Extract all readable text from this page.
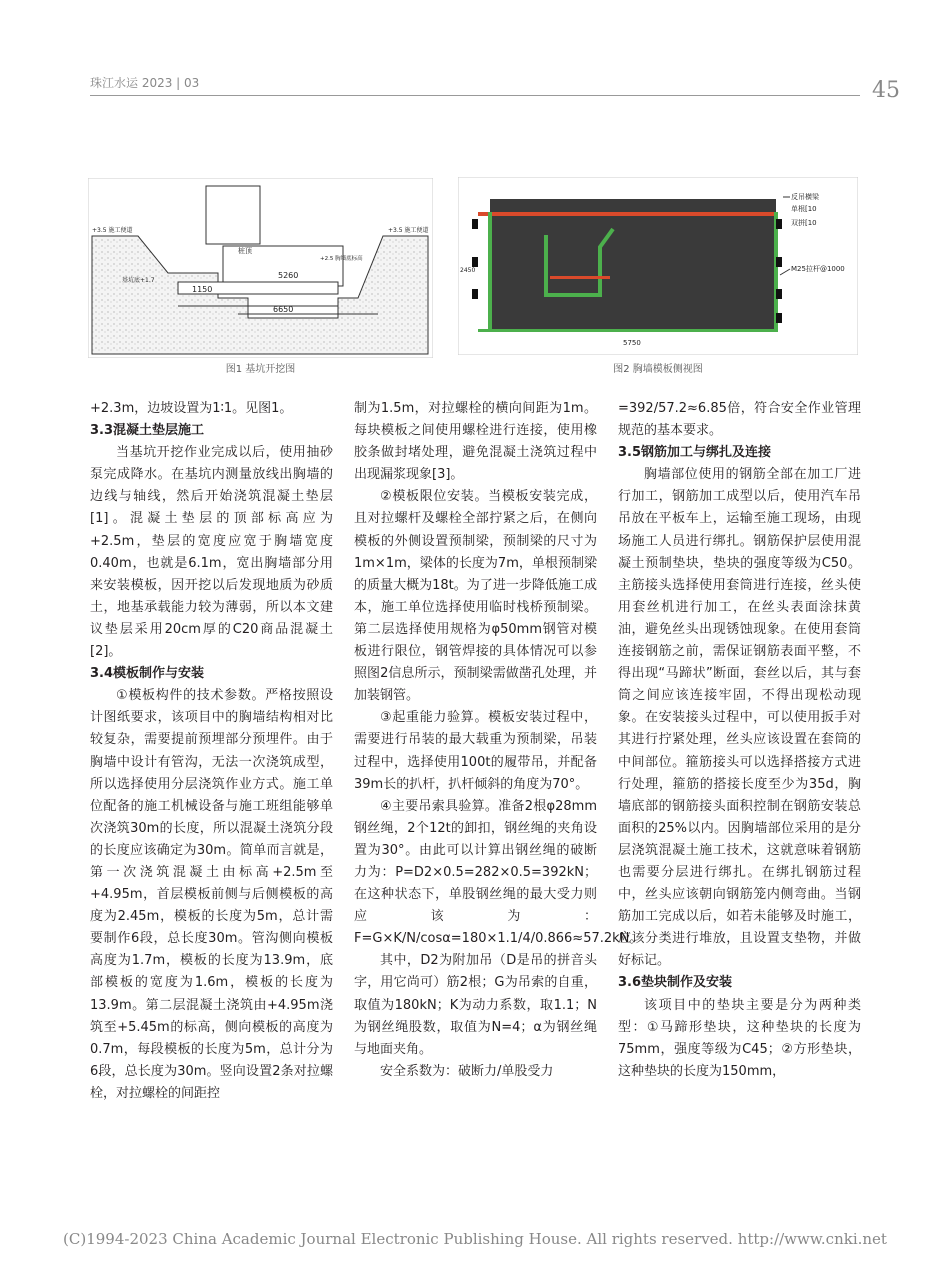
珠江水运 2023 | 03	45
+3.5 施工便道	+3.5 施工便道
桩顶
基坑底+1.7
+2.5 胸墙底标高
5260
1150
6650
图1 基坑开挖图
反吊横梁
单根[10
双拼[10
M25拉杆@1000
5750
2450
图2 胸墙模板侧视图

+2.3m，边坡设置为1∶1。见图1。

3.3混凝土垫层施工

当基坑开挖作业完成以后，使用抽砂泵完成降水。在基坑内测量放线出胸墙的边线与轴线，然后开始浇筑混凝土垫层[1]。混凝土垫层的顶部标高应为+2.5m，垫层的宽度应宽于胸墙宽度0.40m，也就是6.1m，宽出胸墙部分用来安装模板，因开挖以后发现地质为砂质土，地基承载能力较为薄弱，所以本文建议垫层采用20cm厚的C20商品混凝土[2]。

3.4模板制作与安装

①模板构件的技术参数。严格按照设计图纸要求，该项目中的胸墙结构相对比较复杂，需要提前预埋部分预埋件。由于胸墙中设计有管沟，无法一次浇筑成型，所以选择使用分层浇筑作业方式。施工单位配备的施工机械设备与施工班组能够单次浇筑30m的长度，所以混凝土浇筑分段的长度应该确定为30m。简单而言就是，第一次浇筑混凝土由标高+2.5m至+4.95m，首层模板前侧与后侧模板的高度为2.45m，模板的长度为5m，总计需要制作6段，总长度30m。管沟侧向模板高度为1.7m，模板的长度为13.9m，底部模板的宽度为1.6m，模板的长度为13.9m。第二层混凝土浇筑由+4.95m浇筑至+5.45m的标高，侧向模板的高度为0.7m，每段模板的长度为5m，总计分为6段，总长度为30m。竖向设置2条对拉螺栓，对拉螺栓的间距控

制为1.5m，对拉螺栓的横向间距为1m。每块模板之间使用螺栓进行连接，使用橡胶条做封堵处理，避免混凝土浇筑过程中出现漏浆现象[3]。

②模板限位安装。当模板安装完成，且对拉螺杆及螺栓全部拧紧之后，在侧向模板的外侧设置预制梁，预制梁的尺寸为1m×1m，梁体的长度为7m，单根预制梁的质量大概为18t。为了进一步降低施工成本，施工单位选择使用临时栈桥预制梁。第二层选择使用规格为φ50mm钢管对模板进行限位，钢管焊接的具体情况可以参照图2信息所示，预制梁需做凿孔处理，并加装钢管。

③起重能力验算。模板安装过程中，需要进行吊装的最大载重为预制梁，吊装过程中，选择使用100t的履带吊，并配备39m长的扒杆，扒杆倾斜的角度为70°。

④主要吊索具验算。准备2根φ28mm钢丝绳，2个12t的卸扣，钢丝绳的夹角设置为30°。由此可以计算出钢丝绳的破断力为：P=D2×0.5=282×0.5=392kN；在这种状态下，单股钢丝绳的最大受力则应该为：F=G×K/N/cosα=180×1.1/4/0.866≈57.2kN。

其中，D2为附加吊（D是吊的拼音头字，用它尚可）筋2根；G为吊索的自重，取值为180kN；K为动力系数，取1.1；N为钢丝绳股数，取值为N=4；α为钢丝绳与地面夹角。

安全系数为：破断力/单股受力

=392/57.2≈6.85倍，符合安全作业管理规范的基本要求。

3.5钢筋加工与绑扎及连接

胸墙部位使用的钢筋全部在加工厂进行加工，钢筋加工成型以后，使用汽车吊吊放在平板车上，运输至施工现场，由现场施工人员进行绑扎。钢筋保护层使用混凝土预制垫块，垫块的强度等级为C50。主筋接头选择使用套筒进行连接，丝头使用套丝机进行加工，在丝头表面涂抹黄油，避免丝头出现锈蚀现象。在使用套筒连接钢筋之前，需保证钢筋表面平整，不得出现“马蹄状”断面，套丝以后，其与套筒之间应该连接牢固，不得出现松动现象。在安装接头过程中，可以使用扳手对其进行拧紧处理，丝头应该设置在套筒的中间部位。箍筋接头可以选择搭接方式进行处理，箍筋的搭接长度至少为35d，胸墙底部的钢筋接头面积控制在钢筋安装总面积的25%以内。因胸墙部位采用的是分层浇筑混凝土施工技术，这就意味着钢筋也需要分层进行绑扎。在绑扎钢筋过程中，丝头应该朝向钢筋笼内侧弯曲。当钢筋加工完成以后，如若未能够及时施工，应该分类进行堆放，且设置支垫物，并做好标记。

3.6垫块制作及安装

该项目中的垫块主要是分为两种类型：①马蹄形垫块，这种垫块的长度为75mm，强度等级为C45；②方形垫块，这种垫块的长度为150mm，

(C)1994-2023 China Academic Journal Electronic Publishing House. All rights reserved. http://www.cnki.net
